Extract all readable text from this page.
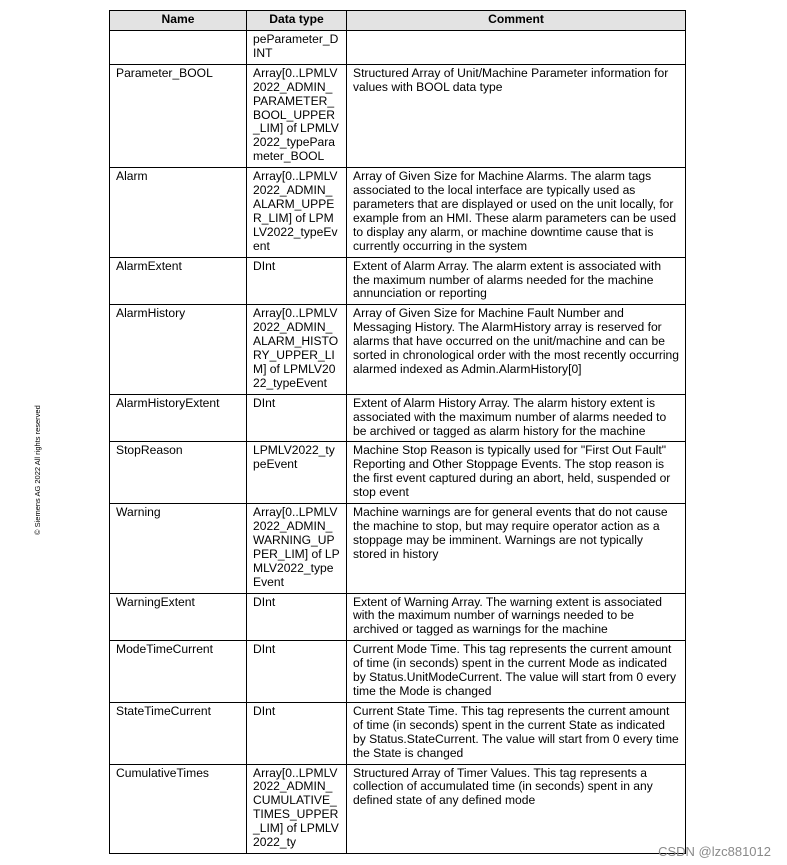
© Siemens AG 2022 All rights reserved
Name	Data type	Comment
	peParameter_DINT	
Parameter_BOOL	Array[0..LPMLV2022_ADMIN_PARAMETER_BOOL_UPPER_LIM] of LPMLV2022_typeParameter_BOOL	Structured Array of Unit/Machine Parameter information for values with BOOL data type
Alarm	Array[0..LPMLV2022_ADMIN_ALARM_UPPER_LIM] of LPMLV2022_typeEvent	Array of Given Size for Machine Alarms. The alarm tags associated to the local interface are typically used as parameters that are displayed or used on the unit locally, for example from an HMI. These alarm parameters can be used to display any alarm, or machine downtime cause that is currently occurring in the system
AlarmExtent	DInt	Extent of Alarm Array. The alarm extent is associated with the maximum number of alarms needed for the machine annunciation or reporting
AlarmHistory	Array[0..LPMLV2022_ADMIN_ALARM_HISTORY_UPPER_LIM] of LPMLV2022_typeEvent	Array of Given Size for Machine Fault Number and Messaging History. The AlarmHistory array is reserved for alarms that have occurred on the unit/machine and can be sorted in chronological order with the most recently occurring alarmed indexed as Admin.AlarmHistory[0]
AlarmHistoryExtent	DInt	Extent of Alarm History Array. The alarm history extent is associated with the maximum number of alarms needed to be archived or tagged as alarm history for the machine
StopReason	LPMLV2022_typeEvent	Machine Stop Reason is typically used for "First Out Fault" Reporting and Other Stoppage Events. The stop reason is the first event captured during an abort, held, suspended or stop event
Warning	Array[0..LPMLV2022_ADMIN_WARNING_UPPER_LIM] of LPMLV2022_typeEvent	Machine warnings are for general events that do not cause the machine to stop, but may require operator action as a stoppage may be imminent. Warnings are not typically stored in history
WarningExtent	DInt	Extent of Warning Array. The warning extent is associated with the maximum number of warnings needed to be archived or tagged as warnings for the machine
ModeTimeCurrent	DInt	Current Mode Time. This tag represents the current amount of time (in seconds) spent in the current Mode as indicated by Status.UnitModeCurrent. The value will start from 0 every time the Mode is changed
StateTimeCurrent	DInt	Current State Time. This tag represents the current amount of time (in seconds) spent in the current State as indicated by Status.StateCurrent. The value will start from 0 every time the State is changed
CumulativeTimes	Array[0..LPMLV2022_ADMIN_CUMULATIVE_TIMES_UPPER_LIM] of LPMLV2022_ty	Structured Array of Timer Values. This tag represents a collection of accumulated time (in seconds) spent in any defined state of any defined mode
CSDN @lzc881012
